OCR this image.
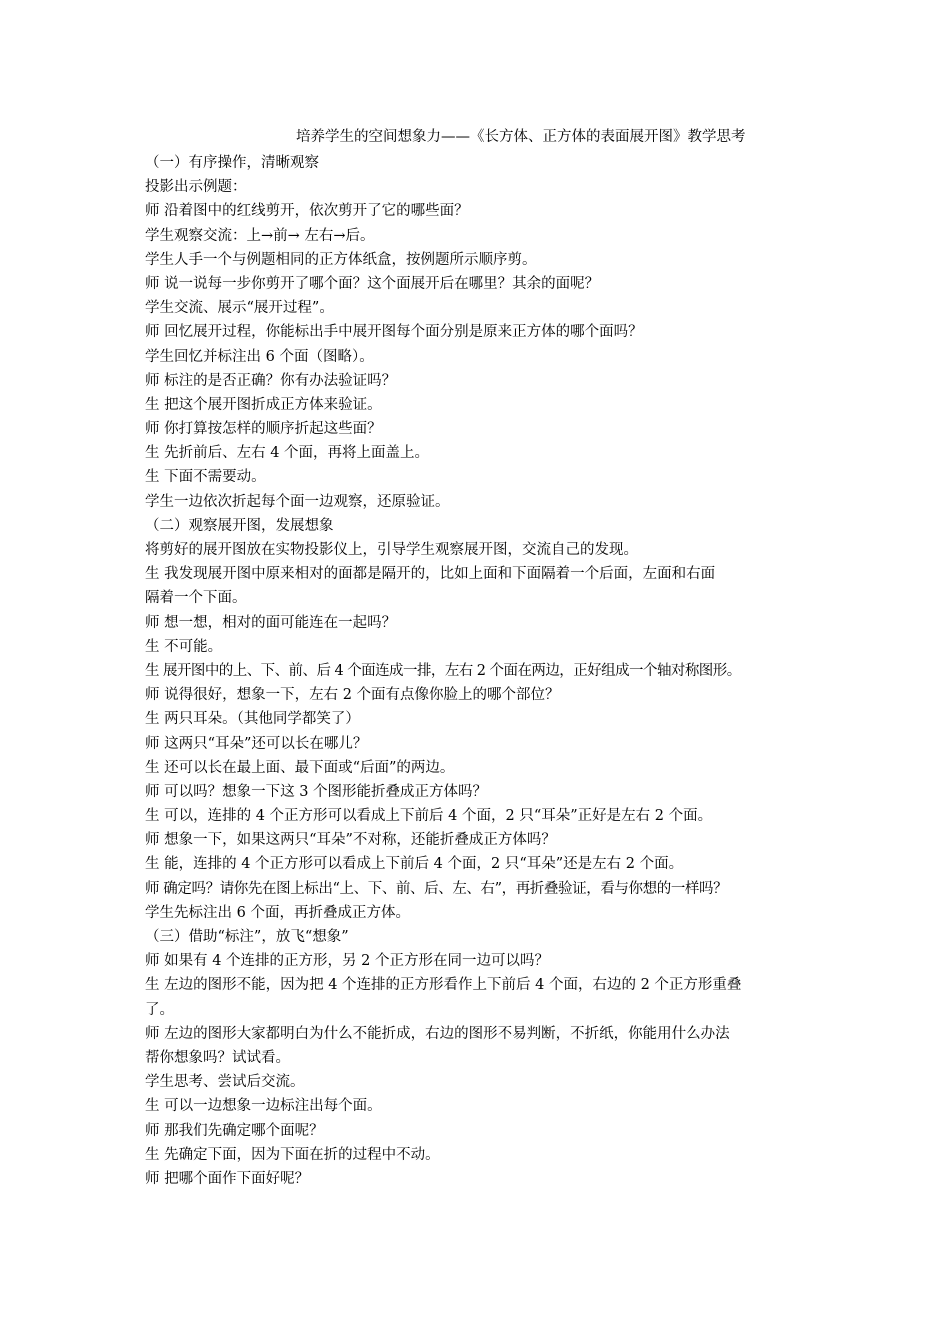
培养学生的空间想象力——《长方体、正方体的表面展开图》教学思考
（一）有序操作，清晰观察
投影出示例题：
师 沿着图中的红线剪开，依次剪开了它的哪些面？
学生观察交流：上→前→ 左右→后。
学生人手一个与例题相同的正方体纸盒，按例题所示顺序剪。
师 说一说每一步你剪开了哪个面？这个面展开后在哪里？其余的面呢？
学生交流、展示“展开过程”。
师 回忆展开过程，你能标出手中展开图每个面分别是原来正方体的哪个面吗？
学生回忆并标注出 6 个面（图略）。
师 标注的是否正确？你有办法验证吗？
生 把这个展开图折成正方体来验证。
师 你打算按怎样的顺序折起这些面？
生 先折前后、左右 4 个面，再将上面盖上。
生 下面不需要动。
学生一边依次折起每个面一边观察，还原验证。
（二）观察展开图，发展想象
将剪好的展开图放在实物投影仪上，引导学生观察展开图，交流自己的发现。
生 我发现展开图中原来相对的面都是隔开的，比如上面和下面隔着一个后面，左面和右面
隔着一个下面。
师 想一想，相对的面可能连在一起吗？
生 不可能。
生 展开图中的上、下、前、后 4 个面连成一排，左右 2 个面在两边，正好组成一个轴对称图形。
师 说得很好，想象一下，左右 2 个面有点像你脸上的哪个部位？
生 两只耳朵。（其他同学都笑了）
师 这两只“耳朵”还可以长在哪儿？
生 还可以长在最上面、最下面或“后面”的两边。
师 可以吗？想象一下这 3 个图形能折叠成正方体吗？
生 可以，连排的 4 个正方形可以看成上下前后 4 个面，2 只“耳朵”正好是左右 2 个面。
师 想象一下，如果这两只“耳朵”不对称，还能折叠成正方体吗？
生 能，连排的 4 个正方形可以看成上下前后 4 个面，2 只“耳朵”还是左右 2 个面。
师 确定吗？请你先在图上标出“上、下、前、后、左、右”，再折叠验证，看与你想的一样吗？
学生先标注出 6 个面，再折叠成正方体。
（三）借助“标注”，放飞“想象”
师 如果有 4 个连排的正方形，另 2 个正方形在同一边可以吗？
生 左边的图形不能，因为把 4 个连排的正方形看作上下前后 4 个面，右边的 2 个正方形重叠
了。
师 左边的图形大家都明白为什么不能折成，右边的图形不易判断，不折纸，你能用什么办法
帮你想象吗？试试看。
学生思考、尝试后交流。
生 可以一边想象一边标注出每个面。
师 那我们先确定哪个面呢？
生 先确定下面，因为下面在折的过程中不动。
师 把哪个面作下面好呢？
